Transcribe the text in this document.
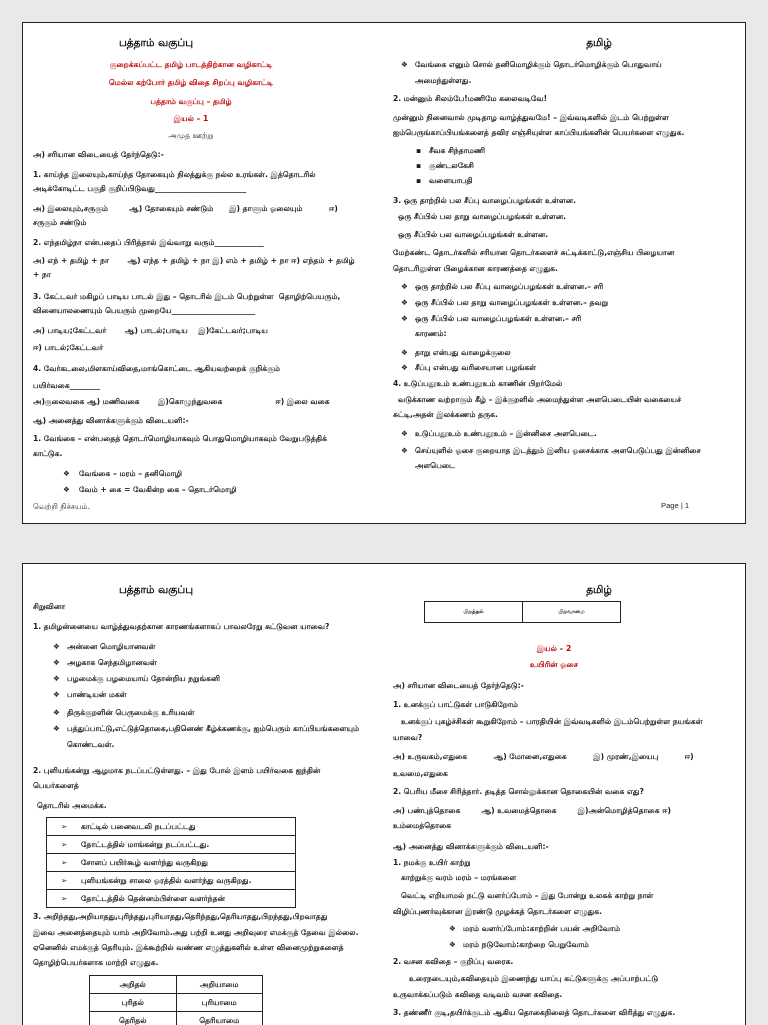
பத்தாம் வகுப்பு	தமிழ்
குறைக்கப்பட்ட தமிழ் பாடத்திற்கான வழிகாட்டி
மெல்ல கற்போர் தமிழ் விதை சிறப்பு வழிகாட்டி
பத்தாம் வகுப்பு – தமிழ்
இயல் – 1
அமுத ஊற்று
அ) சரியான விடையைத் தேர்ந்தெடு:-
1. காய்ந்த இலையும்,காய்ந்த தோகையும் நிலத்துக்கு நல்ல உரங்கள். இத்தொடரில்
அடிக்கோடிட்ட பகுதி குறிப்பிடுவது________________________
அ) இலையும்,சருகும்        ஆ) தோகையும் சண்டும்      இ) தாளும் ஓலையும்          ஈ)
சருகும் சண்டும்
2. எந்தமிழ்நா என்பதைப் பிரித்தால் இவ்வாறு வரும்_____________
அ) எந் + தமிழ் + நா       ஆ) எந்த + தமிழ் + நா இ) எம் + தமிழ் + நா ஈ) எந்தம் + தமிழ்
+ நா
3. கேட்டவர் மகிழப் பாடிய பாடல் இது – தொடரில் இடம் பெற்றுள்ள  தொழிற்பெயரும்,
வினையாலணையும் பெயரும் முறையே______________________
அ) பாடிய;கேட்டவர்       ஆ) பாடல்;பாடிய    இ)கேட்டவர்;பாடிய
ஈ) பாடல்;கேட்டவர்
4. வேர்கடலை,மிளகாய்விதை,மாங்கொட்டை ஆகியவற்றைக் குறிக்கும்
பயிர்வகை________
அ)குலைவகை ஆ) மணிவகை       இ)கொழுந்துவகை                    ஈ) இலை வகை
ஆ) அனைத்து வினாக்களுக்கும் விடையளி:-
1. வேங்கை – என்பதைத் தொடர்மொழியாகவும் பொதுமொழியாகவும் வேறுபடுத்திக்
காட்டுக.
❖ வேங்கை – மரம் – தனிமொழி
❖ வேம் + கை = வேகின்ற கை – தொடர்மொழி
வெற்றி நிச்சயம்.
❖ வேங்கை எனும் சொல் தனிமொழிக்கும் தொடர்மொழிக்கும் பொதுவாய்
அமைந்துள்ளது.
2. மன்னும் சிலம்பே!மணிமே கலைவடிவே!
முன்னும் நினைவால் முடிதாழ வாழ்த்துவமே! – இவ்வடிகளில் இடம் பெற்றுள்ள
ஐம்பெருங்காப்பியங்களைத் தவிர எஞ்சியுள்ள காப்பியங்களின் பெயர்களை எழுதுக.
▪ சீவக சிந்தாமணி
▪ குண்டலகேசி
▪ வளையாபதி
3. ஒரு தாற்றில் பல சீப்பு வாழைப்பழங்கள் உள்ளன.
ஒரு சீப்பில் பல தாறு வாழைப்பழங்கள் உள்ளன.
ஒரு சீப்பில் பல வாழைப்பழங்கள் உள்ளன.
மேற்கண்ட தொடர்களில் சரியான தொடர்களைச் சுட்டிக்காட்டு,எஞ்சிய பிழையான
தொடரிலுள்ள பிழைக்கான காரணத்தை எழுதுக.
❖ ஒரு தாற்றில் பல சீப்பு வாழைப்பழங்கள் உள்ளன.– சரி
❖ ஒரு சீப்பில் பல தாறு வாழைப்பழங்கள் உள்ளன.– தவறு
❖ ஒரு சீப்பில் பல வாழைப்பழங்கள் உள்ளன.– சரி
காரணம்:
❖ தாறு என்பது வாழைக்குலை
❖ சீப்பு என்பது வரிசையான பழங்கள்
4. உடுப்பதூஉம் உண்பதூஉம் காணின் பிறர்மேல்
வடுக்காண வற்றாகும் கீழ் – இக்குறளில் அமைந்துள்ள அளபெடையின் வகையைச்
சுட்டி,அதன் இலக்கணம் தருக.
❖ உடுப்பதூஉம் உண்பதூஉம் – இன்னிசை அளபெடை.
❖ செய்யுளில் ஓசை குறையாத இடத்தும் இனிய ஓசைக்காக அளபெடுப்பது இன்னிசை
அளபெடை
Page | 1
பத்தாம் வகுப்பு	தமிழ்
சிறுவினா
1. தமிழன்னையை வாழ்த்துவதற்கான காரணங்களாகப் பாவலரேறு சுட்டுவன யாவை?
❖ அன்னை மொழியானவள்
❖ அழகாக செந்தமிழானவள்
❖ பழமைக்கு பழமையாய் தோன்றிய நறுங்கனி
❖ பாண்டியன் மகள்
❖ திருக்குறளின் பெருமைக்கு உரியவள்
❖ பத்துப்பாட்டு,எட்டுத்தொகை,பதினெண் கீழ்க்கணக்கு, ஐம்பெரும் காப்பியங்களையும்
கொண்டவள்.
2. புளியங்கன்று ஆழமாக நடப்பட்டுள்ளது. – இது போல் இளம் பயிர்வகை ஐந்தின்
பெயர்களைத்
தொடரில் அமைக்க.
➢ காட்டில் பனைவடலி நடப்பட்டது
➢ தோட்டத்தில் மாங்கன்று நடப்பட்டது.
➢ சோளப் பயிர்கூழ் வளர்ந்து வருகிறது
➢ புளியங்கன்று சாலை ஓரத்தில் வளர்ந்து வருகிறது.
➢ தோட்டத்தில் தென்னம்பிள்ளை வளர்ந்தன்
3. அறிந்தது,அறியாதது,புரிந்தது,புரியாதது,தெரிந்தது,தெரியாதது,பிறந்தது,பிறவாதது
இவை அனைத்தையும் யாம் அறிவோம்.அது பற்றி உனது அறிவுரை எமக்குத் தேவை இல்லை.
ஏனெனில் எமக்குத் தெரியும். இக்கூற்றில் வண்ண எழுத்துகளில் உள்ள வினைமுற்றுகளைத்
தொழிற்பெயர்களாக மாற்றி எழுதுக.
அறிதல்	அறியாமை
புரிதல்	புரியாமை
தெரிதல்	தெரியாமை
பிறத்தல்	பிறவாமை
இயல் – 2
உயிரின் ஓசை
அ) சரியான விடையைத் தேர்ந்தெடு:-
1. உனக்குப் பாட்டுகள் பாடுகிறோம்
உனக்குப் புகழ்ச்சிகள் கூறுகிறோம் – பாரதியின் இவ்வடிகளில் இடம்பெற்றுள்ள நயங்கள்
யாவை?
அ) உருவகம்,எதுகை          ஆ) மோனை,எதுகை          இ) முரண்,இயைபு          ஈ)
உவமை,எதுகை
2. பெரிய மீசை சிரித்தார். தடித்த சொல்லுக்கான தொகையின் வகை எது?
அ) பண்புத்தொகை        ஆ) உவமைத்தொகை        இ)அன்மொழித்தொகை ஈ)
உம்மைத்தொகை
ஆ) அனைத்து வினாக்களுக்கும் விடையளி:-
1. நமக்கு உயிர் காற்று
காற்றுக்கு வரம் மரம் – மரங்களை
வெட்டி எறியாமல் நட்டு வளர்ப்போம் – இது போன்று உலகக் காற்று நாள்
விழிப்புணர்வுக்கான இரண்டு முழக்கத் தொடர்களை எழுதுக.
❖ மரம் வளர்ப்போம்:காற்றின் பயன் அறிவோம்
❖ மரம் நடுவோம்:காற்றை பெறுவோம்
2. வசன கவிதை – குறிப்பு வரைக.
உரைநடையும்,கவிதையும் இணைந்து யாப்பு கட்டுகளுக்கு அப்பாற்பட்டு
உருவாக்கப்படும் கவிதை வடிவம் வசன கவிதை.
3. தண்ணீர் குடி,தயிர்க்குடம் ஆகிய தொகைநிலைத் தொடர்களை விரித்து எழுதுக.
